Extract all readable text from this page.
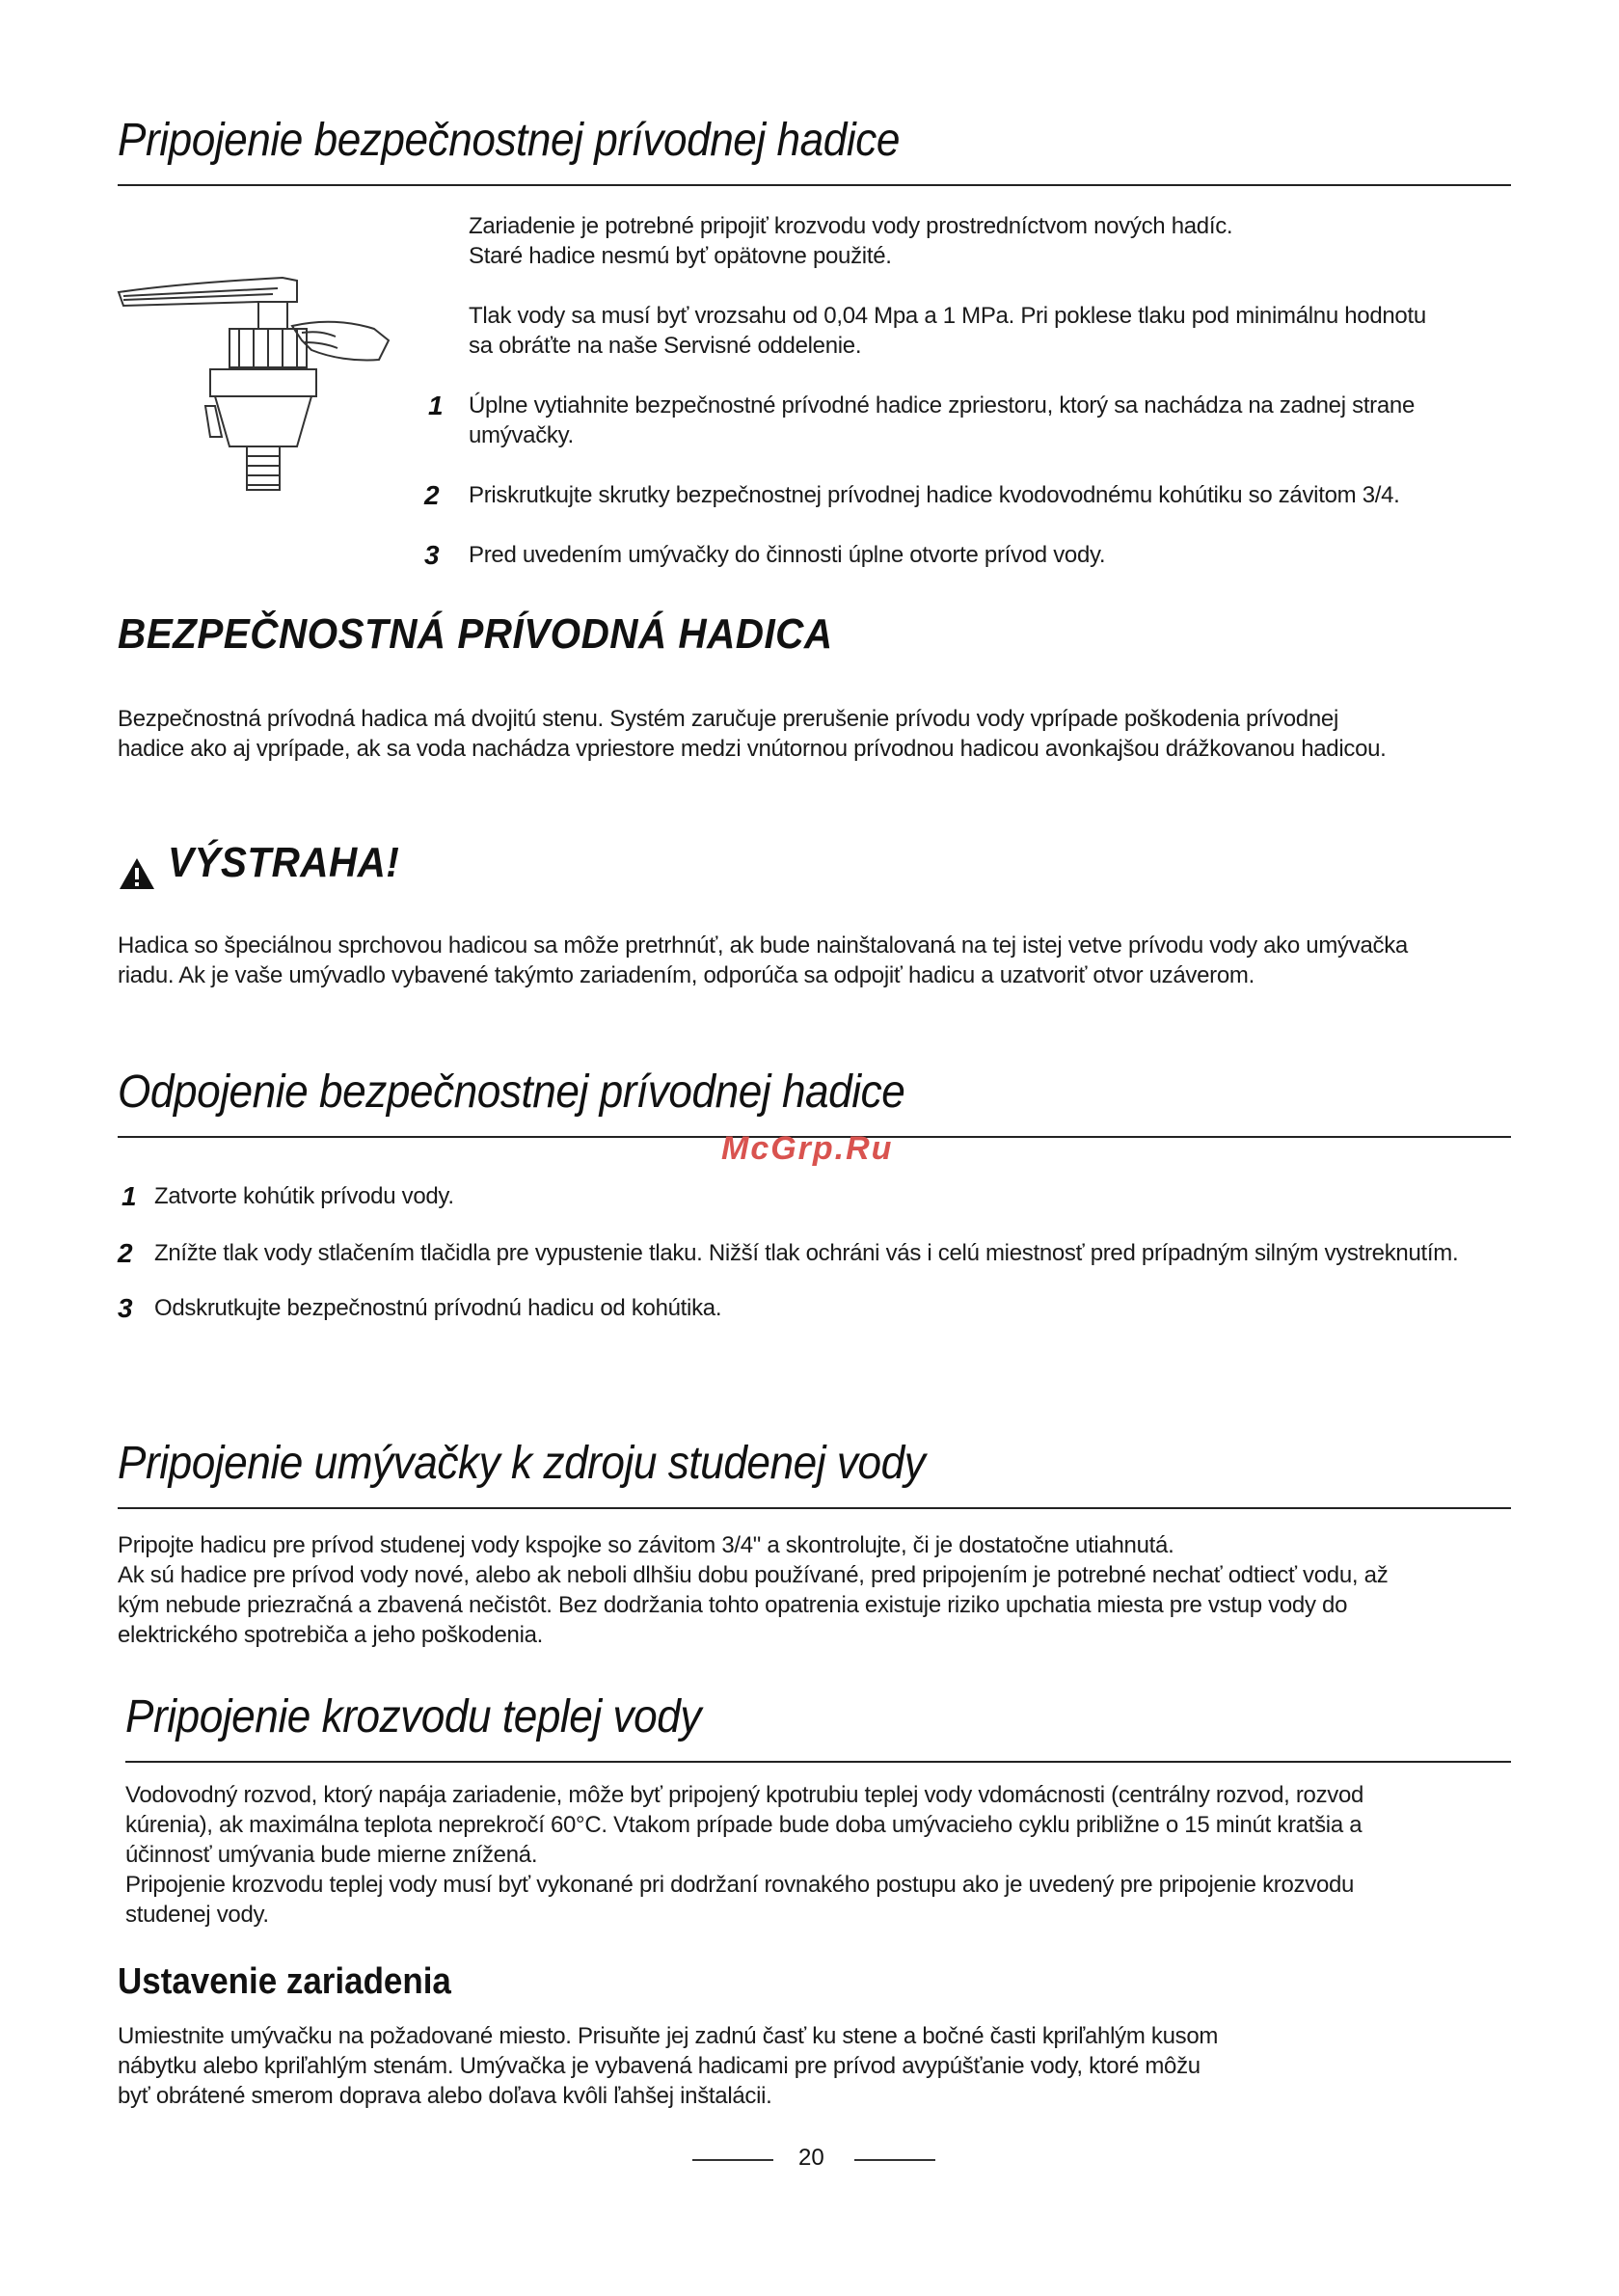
Pripojenie bezpečnostnej prívodnej hadice

Zariadenie je potrebné pripojiť krozvodu vody prostredníctvom nových hadíc.
Staré hadice nesmú byť opätovne použité.

Tlak vody sa musí byť vrozsahu od 0,04 Mpa a 1 MPa. Pri poklese tlaku pod minimálnu hodnotu
sa obráťte na naše Servisné oddelenie.

1 Úplne vytiahnite bezpečnostné prívodné hadice zpriestoru, ktorý sa nachádza na zadnej strane
umývačky.

2 Priskrutkujte skrutky bezpečnostnej prívodnej hadice kvodovodnému kohútiku so závitom 3/4.

3 Pred uvedením umývačky do činnosti úplne otvorte prívod vody.

BEZPEČNOSTNÁ PRÍVODNÁ HADICA

Bezpečnostná prívodná hadica má dvojitú stenu. Systém zaručuje prerušenie prívodu vody vprípade poškodenia prívodnej
hadice ako aj vprípade, ak sa voda nachádza vpriestore medzi vnútornou prívodnou hadicou avonkajšou drážkovanou hadicou.

VÝSTRAHA!

Hadica so špeciálnou sprchovou hadicou sa môže pretrhnúť, ak bude nainštalovaná na tej istej vetve prívodu vody ako umývačka
riadu. Ak je vaše umývadlo vybavené takýmto zariadením, odporúča sa odpojiť hadicu a uzatvoriť otvor uzáverom.

Odpojenie bezpečnostnej prívodnej hadice
McGrp.Ru
1 Zatvorte kohútik prívodu vody.
2 Znížte tlak vody stlačením tlačidla pre vypustenie tlaku. Nižší tlak ochráni vás i celú miestnosť pred prípadným silným vystreknutím.
3 Odskrutkujte bezpečnostnú prívodnú hadicu od kohútika.
Pripojenie umývačky k zdroju studenej vody

Pripojte hadicu pre prívod studenej vody kspojke so závitom 3/4" a skontrolujte, či je dostatočne utiahnutá.
Ak sú hadice pre prívod vody nové, alebo ak neboli dlhšiu dobu používané, pred pripojením je potrebné nechať odtiecť vodu, až
kým nebude priezračná a zbavená nečistôt. Bez dodržania tohto opatrenia existuje riziko upchatia miesta pre vstup vody do
elektrického spotrebiča a jeho poškodenia.

Pripojenie krozvodu teplej vody

Vodovodný rozvod, ktorý napája zariadenie, môže byť pripojený kpotrubiu teplej vody vdomácnosti (centrálny rozvod, rozvod
kúrenia), ak maximálna teplota neprekročí 60°C. Vtakom prípade bude doba umývacieho cyklu približne o 15 minút kratšia a
účinnosť umývania bude mierne znížená.
Pripojenie krozvodu teplej vody musí byť vykonané pri dodržaní rovnakého postupu ako je uvedený pre pripojenie krozvodu
studenej vody.

Ustavenie zariadenia

Umiestnite umývačku na požadované miesto. Prisuňte jej zadnú časť ku stene a bočné časti kpriľahlým kusom
nábytku alebo kpriľahlým stenám. Umývačka je vybavená hadicami pre prívod avypúšťanie vody, ktoré môžu
byť obrátené smerom doprava alebo doľava kvôli ľahšej inštalácii.

20
